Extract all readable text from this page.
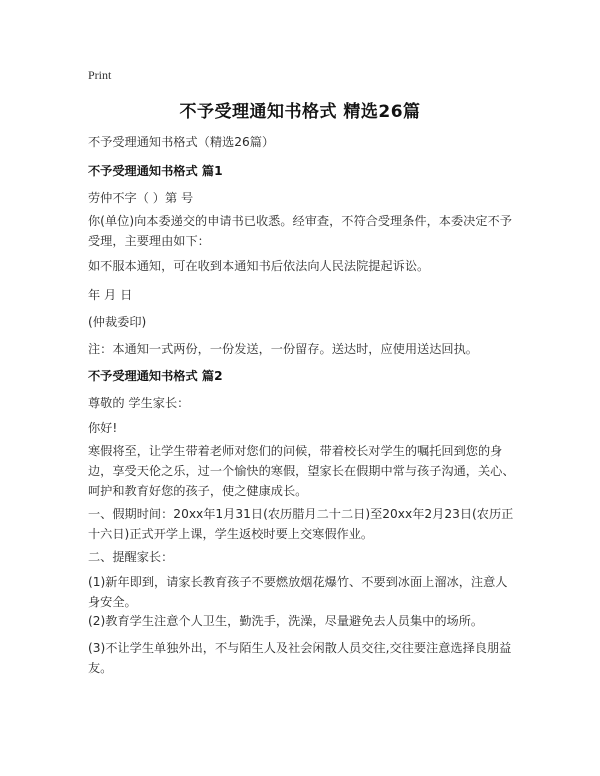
Print
不予受理通知书格式 精选26篇
不予受理通知书格式（精选26篇）
不予受理通知书格式 篇1
劳仲不字（ ）第 号
你(单位)向本委递交的申请书已收悉。经审查，不符合受理条件，本委决定不予受理，主要理由如下：
如不服本通知，可在收到本通知书后依法向人民法院提起诉讼。
年 月 日
(仲裁委印)
注：本通知一式两份，一份发送，一份留存。送达时，应使用送达回执。
不予受理通知书格式 篇2
尊敬的 学生家长：
你好!
寒假将至，让学生带着老师对您们的问候，带着校长对学生的嘱托回到您的身边，享受天伦之乐，过一个愉快的寒假，望家长在假期中常与孩子沟通，关心、呵护和教育好您的孩子，使之健康成长。
一、假期时间：20xx年1月31日(农历腊月二十二日)至20xx年2月23日(农历正十六日)正式开学上课，学生返校时要上交寒假作业。
二、提醒家长：
(1)新年即到，请家长教育孩子不要燃放烟花爆竹、不要到冰面上溜冰，注意人身安全。
(2)教育学生注意个人卫生，勤洗手，洗澡，尽量避免去人员集中的场所。
(3)不让学生单独外出，不与陌生人及社会闲散人员交往,交往要注意选择良朋益友。
